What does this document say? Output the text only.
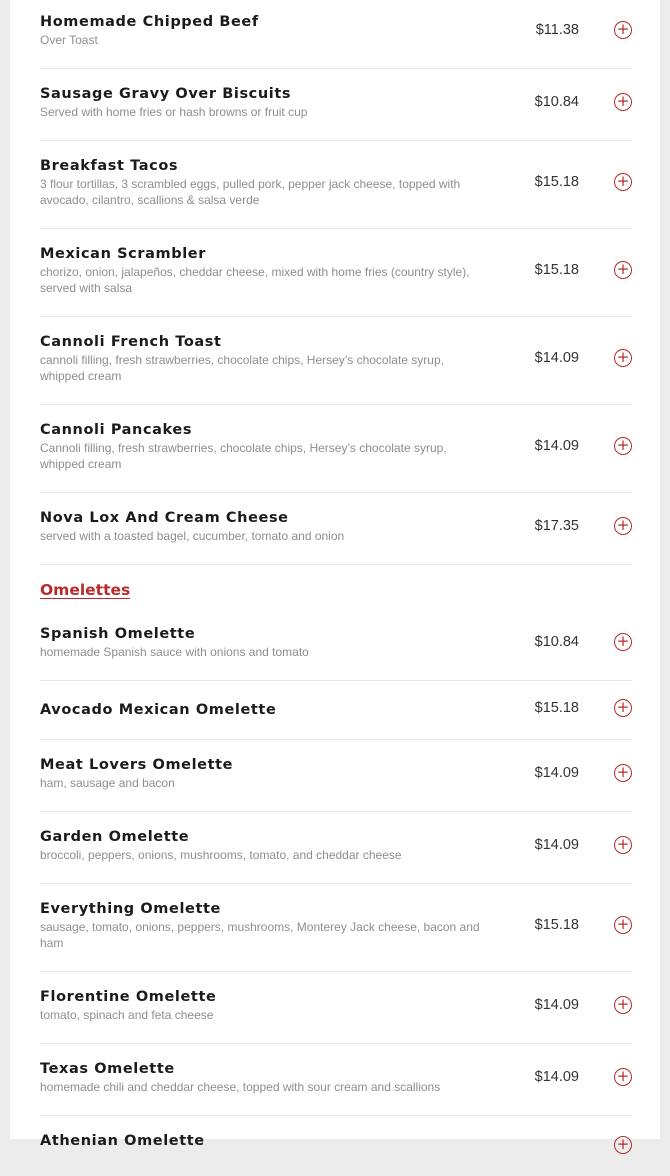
Homemade Chipped Beef
Over Toast
$11.38	+
Sausage Gravy Over Biscuits
Served with home fries or hash browns or fruit cup
$10.84	+
Breakfast Tacos
3 flour tortillas, 3 scrambled eggs, pulled pork, pepper jack cheese, topped with avocado, cilantro, scallions & salsa verde
$15.18	+
Mexican Scrambler
chorizo, onion, jalapeños, cheddar cheese, mixed with home fries (country style), served with salsa
$15.18	+
Cannoli French Toast
cannoli filling, fresh strawberries, chocolate chips, Hersey’s chocolate syrup, whipped cream
$14.09	+
Cannoli Pancakes
Cannoli filling, fresh strawberries, chocolate chips, Hersey’s chocolate syrup, whipped cream
$14.09	+
Nova Lox And Cream Cheese
served with a toasted bagel, cucumber, tomato and onion
$17.35	+
Omelettes
Spanish Omelette
homemade Spanish sauce with onions and tomato
$10.84	+
Avocado Mexican Omelette	$15.18	+
Meat Lovers Omelette
ham, sausage and bacon
$14.09	+
Garden Omelette
broccoli, peppers, onions, mushrooms, tomato, and cheddar cheese
$14.09	+
Everything Omelette
sausage, tomato, onions, peppers, mushrooms, Monterey Jack cheese, bacon and ham
$15.18	+
Florentine Omelette
tomato, spinach and feta cheese
$14.09	+
Texas Omelette
homemade chili and cheddar cheese, topped with sour cream and scallions
$14.09	+
Athenian Omelette	+
